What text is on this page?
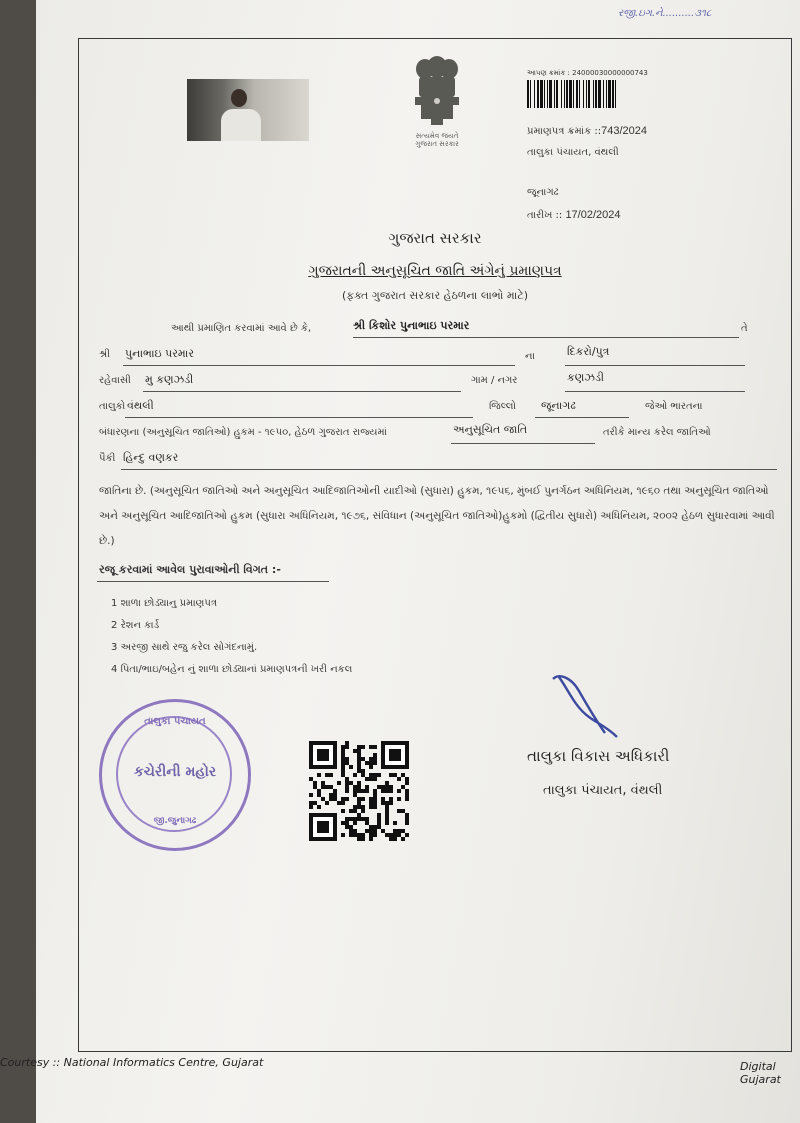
રજી.ઇગ.ને..........૩૧૮
સત્યમેવ જયતે
ગુજરાત સરકાર
આપણ ક્રમાંક : 24000030000000743
પ્રમાણપત્ર ક્રમાંક ::743/2024
તાલુકા પંચાયત, વંથલી
જૂનાગઢ
તારીખ :: 17/02/2024
ગુજરાત સરકાર
ગુજરાતની અનુસૂચિત જાતિ અંગેનું પ્રમાણપત્ર
(ફક્ત ગુજરાત સરકાર હેઠળના લાભો માટે)
આથી પ્રમાણિત કરવામાં આવે છે કે,	શ્રી કિશોર પુનાભાઇ પરમાર	તે
શ્રી પુનાભાઇ પરમાર	ના	દિકરો/પુત્ર
રહેવાસી મુ કણઝડી	ગામ / નગર	કણઝડી
તાલુકો વંથલી	જિલ્લો જૂનાગઢ	જેઓ ભારતના
બંધારણના (અનુસૂચિત જાતિઓ) હુકમ - ૧૯૫૦, હેઠળ ગુજરાત રાજ્યમાં	અનુસૂચિત જાતિ	તરીકે માન્ય કરેલ જાતિઓ
પૈકી હિન્દુ વણકર
જાતિના છે. (અનુસૂચિત જાતિઓ અને અનુસૂચિત આદિજાતિઓની યાદીઓ (સુધારા) હુકમ, ૧૯૫૬, મુંબઈ પુનર્ગઠન અધિનિયમ, ૧૯૬૦ તથા અનુસૂચિત જાતિઓ અને અનુસૂચિત આદિજાતિઓ હુકમ (સુધારા અધિનિયમ, ૧૯૭૬, સંવિધાન (અનુસૂચિત જાતિઓ)હુકમો (દ્વિતીય સુધારો) અધિનિયમ, ૨૦૦૨ હેઠળ સુધારવામાં આવી છે.)
રજૂ કરવામાં આવેલ પુરાવાઓની વિગત :-
1 શાળા છોડ્યાનુ પ્રમાણપત્ર
2 રેશન કાર્ડ
3 અરજી સાથે રજુ કરેલ સોગંદનામું.
4 પિતા/ભાઇ/બહેન નું શાળા છોડ્યાનાં પ્રમાણપત્રની ખરી નકલ
તાલુકા પંચાયત
કચેરીની મહોર
જી.જુનાગઢ
તાલુકા વિકાસ અધિકારી
તાલુકા પંચાયત, વંથલી
Digital Gujarat
Courtesy :: National Informatics Centre, Gujarat
